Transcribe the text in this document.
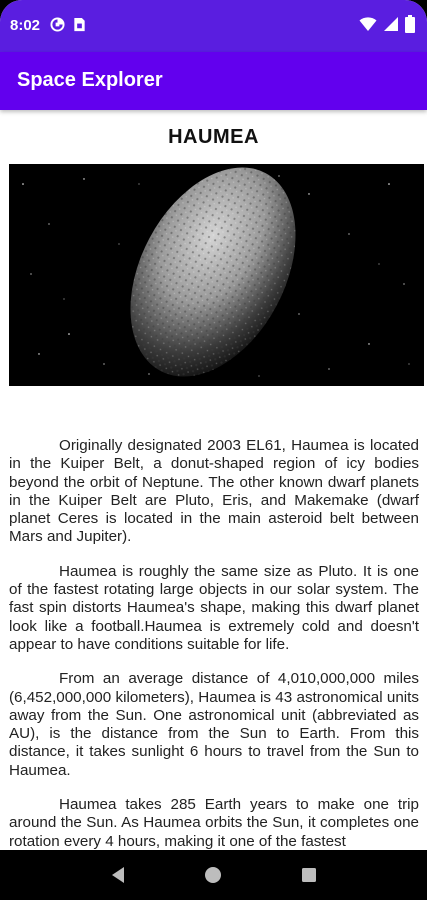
8:02
Space Explorer
HAUMEA

Originally designated 2003 EL61, Haumea is located in the Kuiper Belt, a donut-shaped region of icy bodies beyond the orbit of Neptune. The other known dwarf planets in the Kuiper Belt are Pluto, Eris, and Makemake (dwarf planet Ceres is located in the main asteroid belt between Mars and Jupiter).

Haumea is roughly the same size as Pluto. It is one of the fastest rotating large objects in our solar system. The fast spin distorts Haumea's shape, making this dwarf planet look like a football.Haumea is extremely cold and doesn't appear to have conditions suitable for life.

From an average distance of 4,010,000,000 miles (6,452,000,000 kilometers), Haumea is 43 astronomical units away from the Sun. One astronomical unit (abbreviated as AU), is the distance from the Sun to Earth. From this distance, it takes sunlight 6 hours to travel from the Sun to Haumea.

Haumea takes 285 Earth years to make one trip around the Sun. As Haumea orbits the Sun, it completes one rotation every 4 hours, making it one of the fastest
